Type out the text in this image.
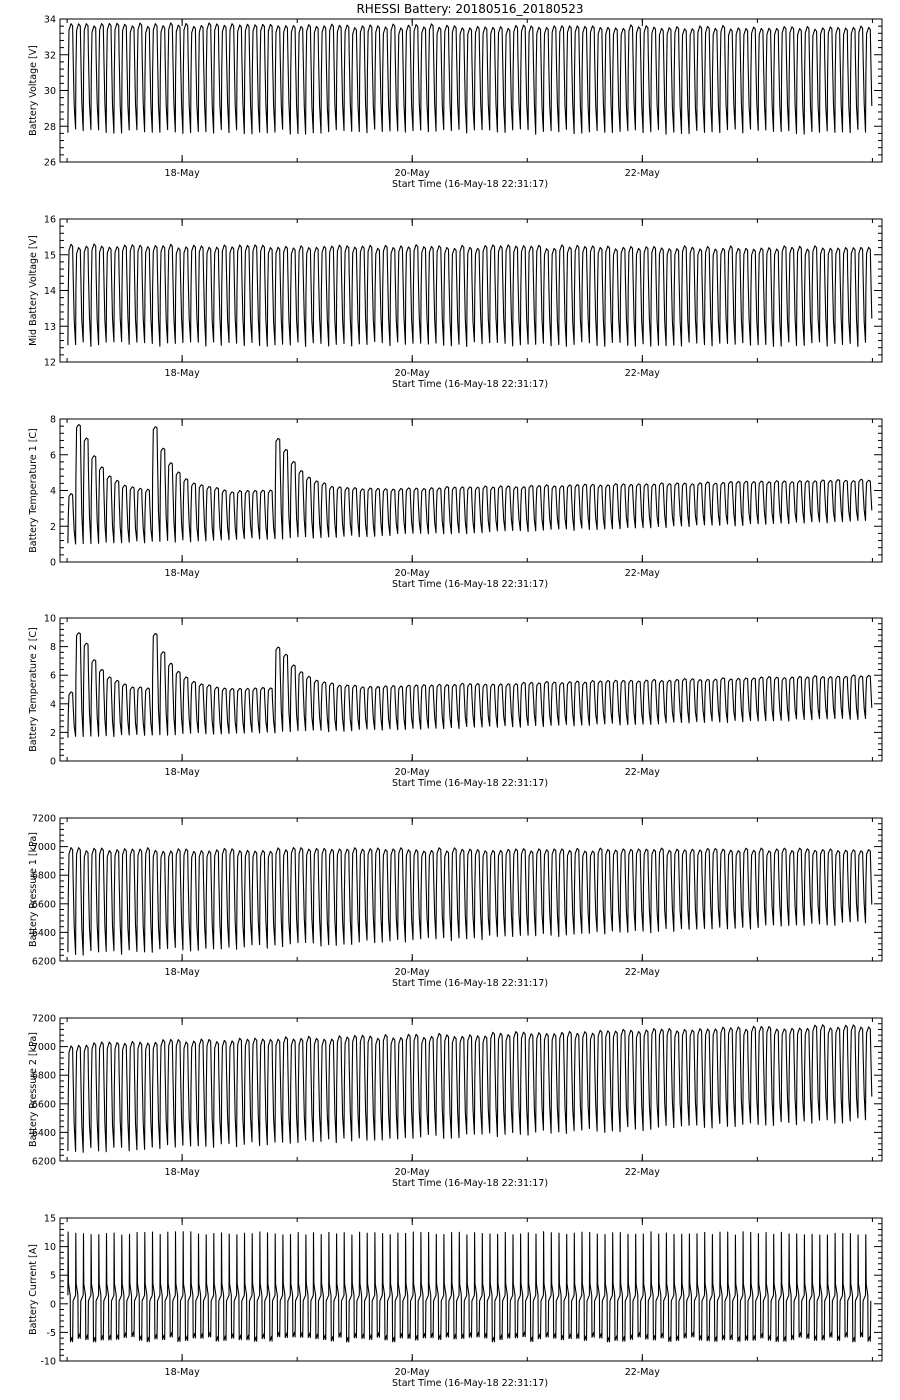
RHESSI Battery: 20180516_20180523
26
28
30
32
34
18-May	20-May	22-May
Start Time (16-May-18 22:31:17)
Battery Voltage [V]
12
13
14
15
16
18-May	20-May	22-May
Start Time (16-May-18 22:31:17)
Mid Battery Voltage [V]
0
2
4
6
8
18-May	20-May	22-May
Start Time (16-May-18 22:31:17)
Battery Temperature 1 [C]
0
2
4
6
8
10
18-May	20-May	22-May
Start Time (16-May-18 22:31:17)
Battery Temperature 2 [C]
6200
6400
6600
6800
7000
7200
18-May	20-May	22-May
Start Time (16-May-18 22:31:17)
Battery Pressure 1 [kPa]
6200
6400
6600
6800
7000
7200
18-May	20-May	22-May
Start Time (16-May-18 22:31:17)
Battery Pressure 2 [kPa]
-10
-5
0
5
10
15
18-May	20-May	22-May
Start Time (16-May-18 22:31:17)
Battery Current [A]
